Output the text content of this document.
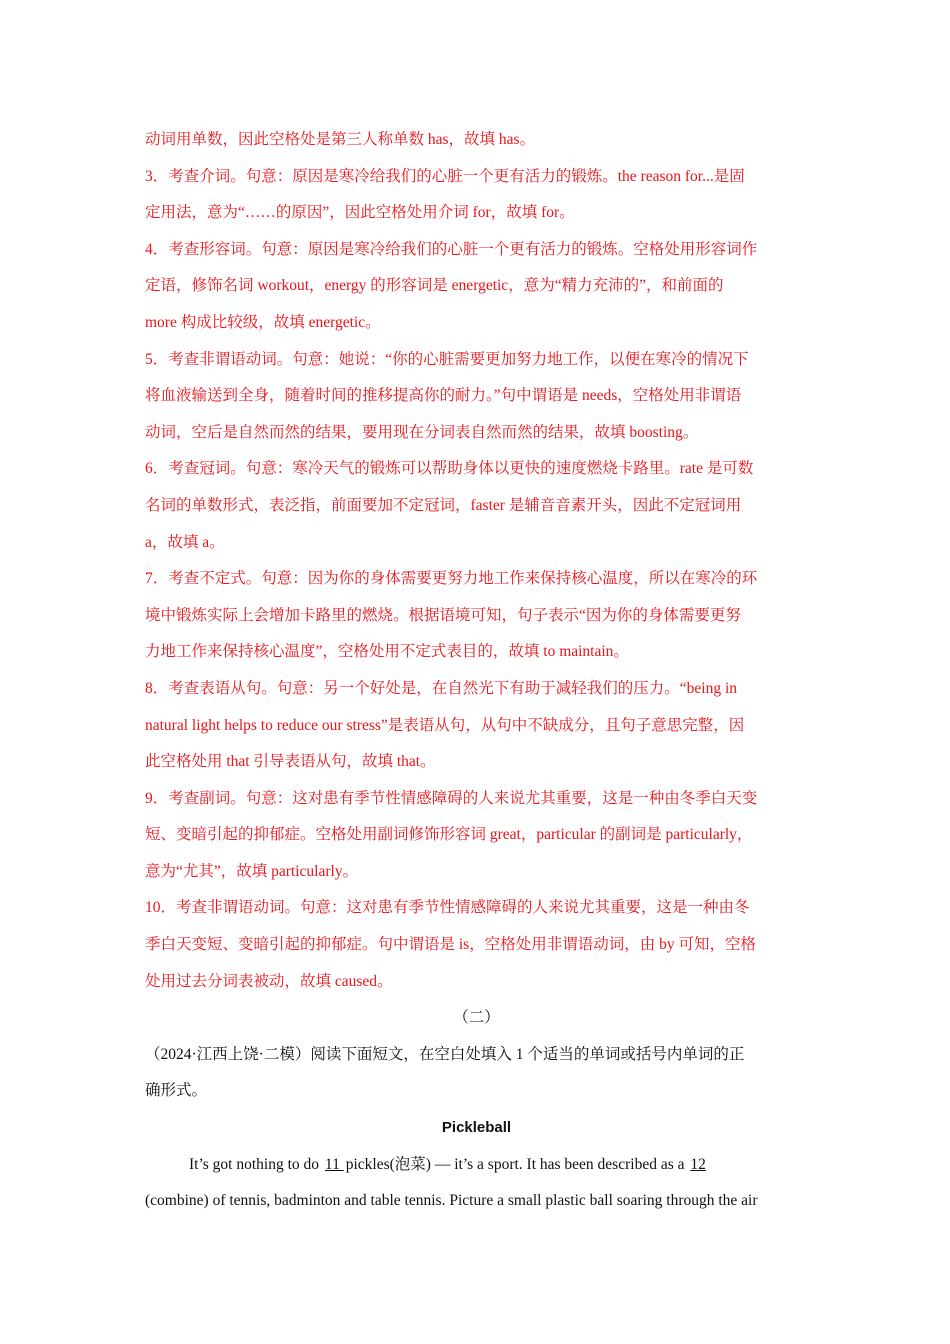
动词用单数，因此空格处是第三人称单数 has，故填 has。
3．考查介词。句意：原因是寒冷给我们的心脏一个更有活力的锻炼。the reason for...是固
定用法，意为“……的原因”，因此空格处用介词 for，故填 for。
4．考查形容词。句意：原因是寒冷给我们的心脏一个更有活力的锻炼。空格处用形容词作
定语，修饰名词 workout，energy 的形容词是 energetic，意为“精力充沛的”，和前面的
more 构成比较级，故填 energetic。
5．考查非谓语动词。句意：她说：“你的心脏需要更加努力地工作，以便在寒冷的情况下
将血液输送到全身，随着时间的推移提高你的耐力。”句中谓语是 needs，空格处用非谓语
动词，空后是自然而然的结果，要用现在分词表自然而然的结果，故填 boosting。
6．考查冠词。句意：寒冷天气的锻炼可以帮助身体以更快的速度燃烧卡路里。rate 是可数
名词的单数形式，表泛指，前面要加不定冠词，faster 是辅音音素开头，因此不定冠词用
a，故填 a。
7．考查不定式。句意：因为你的身体需要更努力地工作来保持核心温度，所以在寒冷的环
境中锻炼实际上会增加卡路里的燃烧。根据语境可知，句子表示“因为你的身体需要更努
力地工作来保持核心温度”，空格处用不定式表目的，故填 to maintain。
8．考查表语从句。句意：另一个好处是，在自然光下有助于减轻我们的压力。“being in
natural light helps to reduce our stress”是表语从句，从句中不缺成分，且句子意思完整，因
此空格处用 that 引导表语从句，故填 that。
9．考查副词。句意：这对患有季节性情感障碍的人来说尤其重要，这是一种由冬季白天变
短、变暗引起的抑郁症。空格处用副词修饰形容词 great，particular 的副词是 particularly，
意为“尤其”，故填 particularly。
10．考查非谓语动词。句意：这对患有季节性情感障碍的人来说尤其重要，这是一种由冬
季白天变短、变暗引起的抑郁症。句中谓语是 is，空格处用非谓语动词，由 by 可知，空格
处用过去分词表被动，故填 caused。
（二）
（2024·江西上饶·二模）阅读下面短文，在空白处填入 1 个适当的单词或括号内单词的正
确形式。
Pickleball
It’s got nothing to do 11 pickles(泡菜) — it’s a sport. It has been described as a 12
(combine) of tennis, badminton and table tennis. Picture a small plastic ball soaring through the air
